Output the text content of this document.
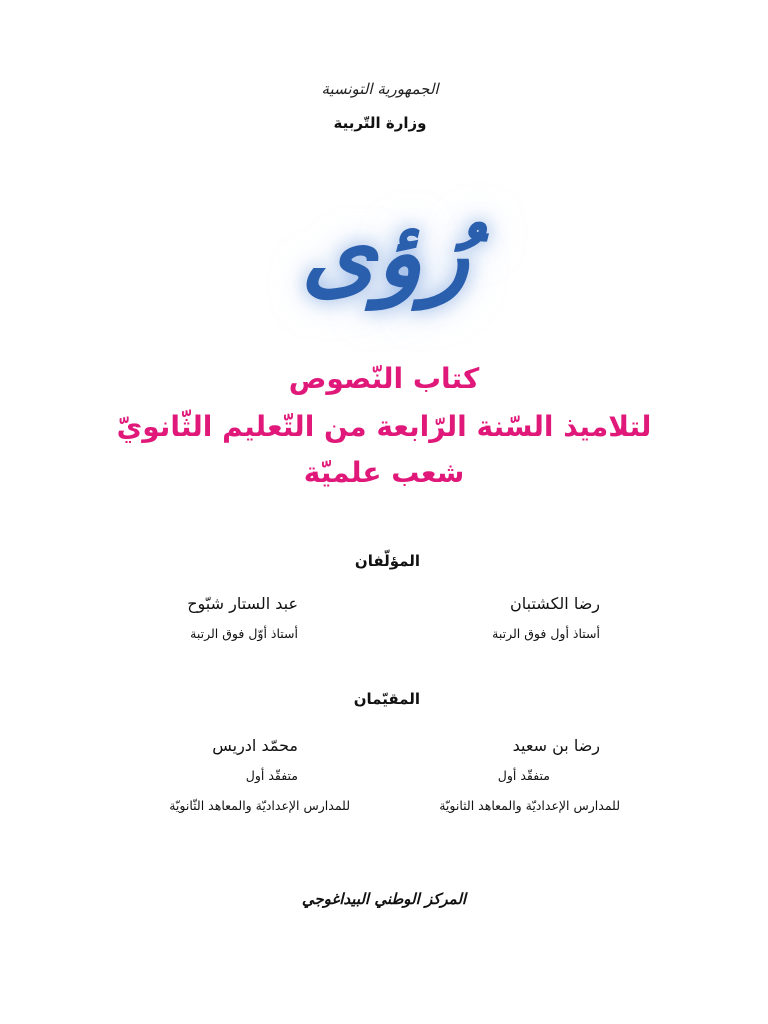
الجمهورية التونسية
وزارة التّربية
رُؤى
كتاب النّصوص
لتلاميذ السّنة الرّابعة من التّعليم الثّانويّ
شعب علميّة
المؤلّفان
رضا الكشتبان
أستاذ أول فوق الرتبة
عبد الستار شبّوح
أستاذ أوّل فوق الرتبة
المقيّمان
رضا بن سعيد
متفقّد أول
للمدارس الإعداديّة والمعاهد الثانويّة
محمّد ادريس
متفقّد أول
للمدارس الإعداديّة والمعاهد الثّانويّة
المركز الوطني البيداغوجي
